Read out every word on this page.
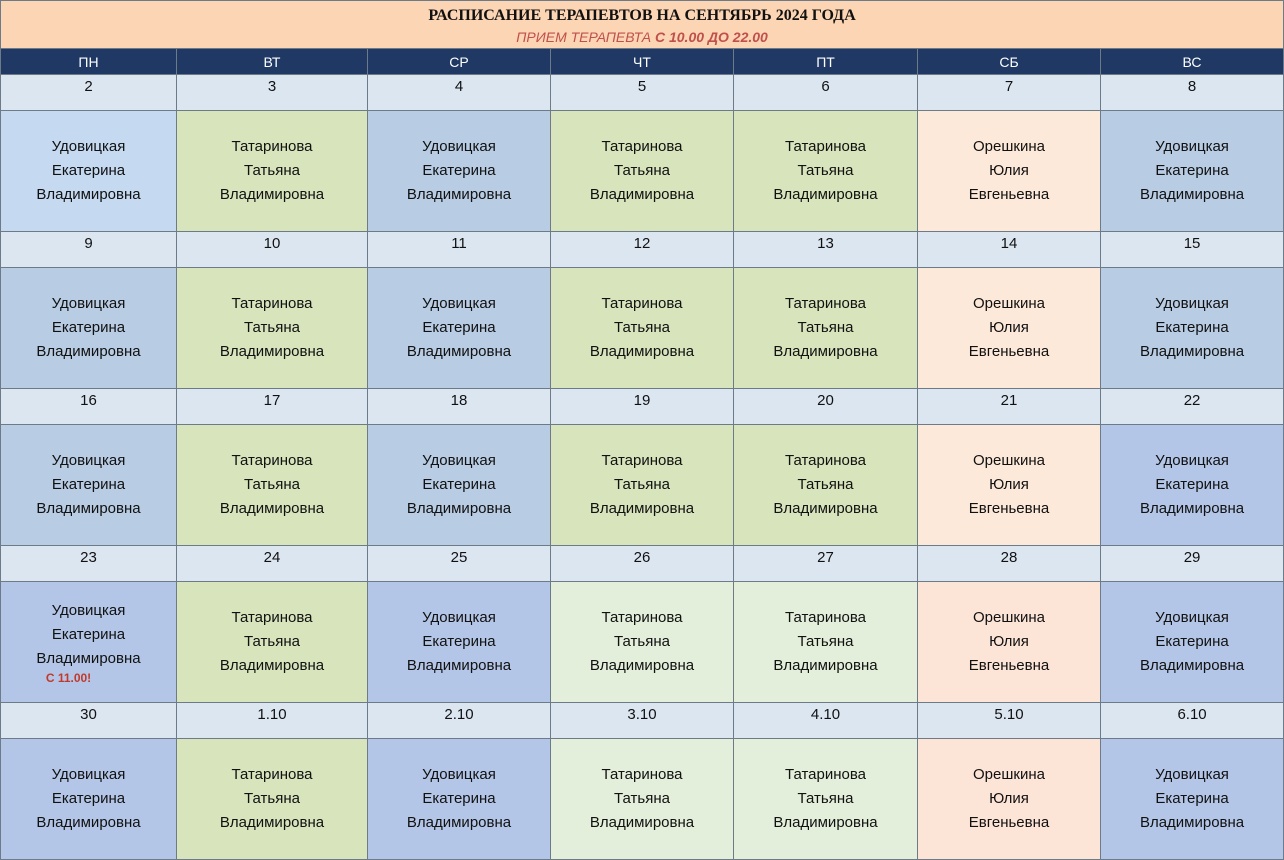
РАСПИСАНИЕ ТЕРАПЕВТОВ НА СЕНТЯБРЬ 2024 ГОДА
ПРИЕМ ТЕРАПЕВТА С 10.00 ДО 22.00						

ПН	ВТ	СР	ЧТ	ПТ	СБ	ВС
2	3	4	5	6	7	8

Удовицкая
Екатерина
Владимировна	Татаринова
Татьяна
Владимировна	Удовицкая
Екатерина
Владимировна	Татаринова
Татьяна
Владимировна	Татаринова
Татьяна
Владимировна	Орешкина
Юлия
Евгеньевна	Удовицкая
Екатерина
Владимировна

9	10	11	12	13	14	15

Удовицкая
Екатерина
Владимировна	Татаринова
Татьяна
Владимировна	Удовицкая
Екатерина
Владимировна	Татаринова
Татьяна
Владимировна	Татаринова
Татьяна
Владимировна	Орешкина
Юлия
Евгеньевна	Удовицкая
Екатерина
Владимировна

16	17	18	19	20	21	22

Удовицкая
Екатерина
Владимировна	Татаринова
Татьяна
Владимировна	Удовицкая
Екатерина
Владимировна	Татаринова
Татьяна
Владимировна	Татаринова
Татьяна
Владимировна	Орешкина
Юлия
Евгеньевна	Удовицкая
Екатерина
Владимировна

23	24	25	26	27	28	29

Удовицкая
Екатерина
Владимировна
С 11.00!	Татаринова
Татьяна
Владимировна	Удовицкая
Екатерина
Владимировна	Татаринова
Татьяна
Владимировна	Татаринова
Татьяна
Владимировна	Орешкина
Юлия
Евгеньевна	Удовицкая
Екатерина
Владимировна

30	1.10	2.10	3.10	4.10	5.10	6.10

Удовицкая
Екатерина
Владимировна	Татаринова
Татьяна
Владимировна	Удовицкая
Екатерина
Владимировна	Татаринова
Татьяна
Владимировна	Татаринова
Татьяна
Владимировна	Орешкина
Юлия
Евгеньевна	Удовицкая
Екатерина
Владимировна
